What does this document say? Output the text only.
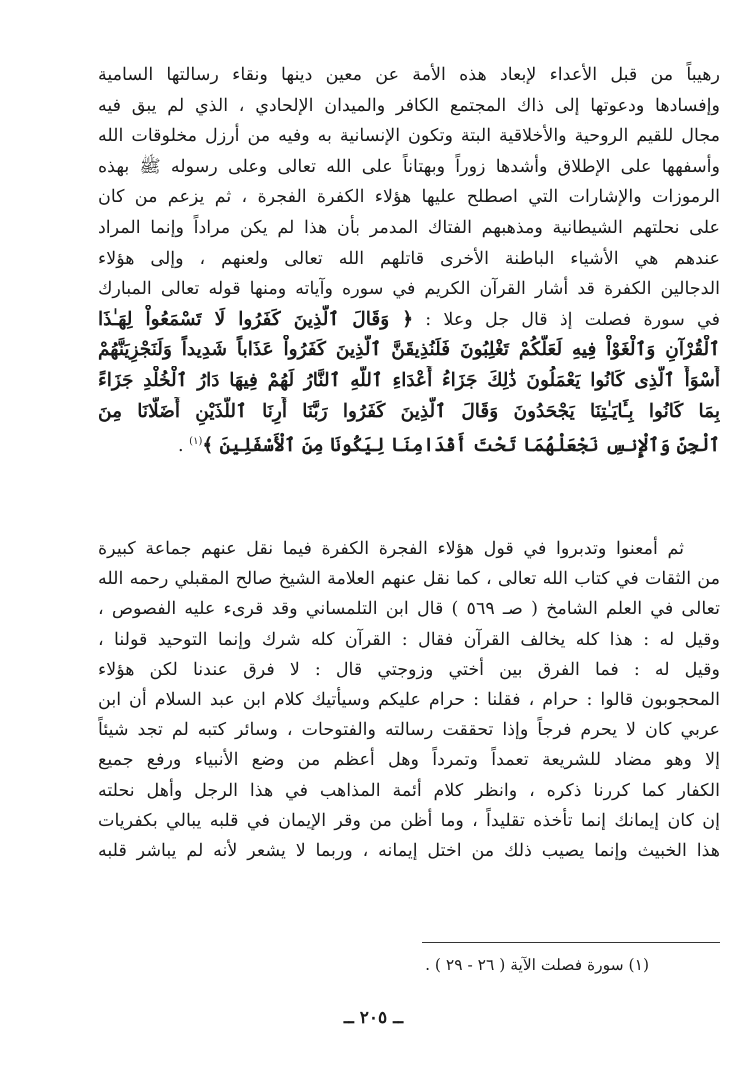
رهيباً من قبل الأعداء لإبعاد هذه الأمة عن معين دينها ونقاء رسالتها السامية
وإفسادها ودعوتها إلى ذاك المجتمع الكافر والميدان الإلحادي ، الذي لم يبق فيه
مجال للقيم الروحية والأخلاقية البتة وتكون الإنسانية به وفيه من أرزل مخلوقات الله
وأسفهها على الإطلاق وأشدها زوراً وبهتاناً على الله تعالى وعلى رسوله ﷺ بهذه
الرموزات والإشارات التي اصطلح عليها هؤلاء الكفرة الفجرة ، ثم يزعم من كان
على نحلتهم الشيطانية ومذهبهم الفتاك المدمر بأن هذا لم يكن مراداً وإنما المراد
عندهم هي الأشياء الباطنة الأخرى قاتلهم الله تعالى ولعنهم ، وإلى هؤلاء
الدجالين الكفرة قد أشار القرآن الكريم في سوره وآياته ومنها قوله تعالى المبارك
في سورة فصلت إذ قال جل وعلا : ﴿ وَقَالَ ٱلَّذِينَ كَفَرُوا لَا تَسْمَعُواْ لِهَـٰذَا
ٱلْقُرْآنِ وَٱلْغَوْاْ فِيهِ لَعَلَّكُمْ تَغْلِبُونَ فَلَنُذِيقَنَّ ٱلَّذِينَ كَفَرُواْ عَذَاباً شَدِيداً وَلَنَجْزِيَنَّهُمْ
أَسْوَأَ ٱلَّذِى كَانُوا يَعْمَلُونَ ذَٰلِكَ جَزَاءُ أَعْدَاءِ ٱللَّهِ ٱلنَّارُ لَهُمْ فِيهَا دَارُ ٱلْخُلْدِ جَزَاءً
بِمَا كَانُوا بِـَٔايَـٰتِنَا يَجْحَدُونَ وَقَالَ ٱلَّذِينَ كَفَرُوا رَبَّنَا أَرِنَا ٱللَّذَيْنِ أَضَلَّانَا مِنَ
ٱلْجِنِّ وَٱلْإِنسِ نَجْعَلْهُمَا تَحْتَ أَقْدَامِنَا لِيَكُونَا مِنَ ٱلْأَسْفَلِينَ ﴾$^{(١)}$ .
ثم أمعنوا وتدبروا في قول هؤلاء الفجرة الكفرة فيما نقل عنهم جماعة كبيرة
من الثقات في كتاب الله تعالى ، كما نقل عنهم العلامة الشيخ صالح المقبلي رحمه الله
تعالى في العلم الشامخ ( صـ ٥٦٩ ) قال ابن التلمساني وقد قرىء عليه الفصوص ،
وقيل له : هذا كله يخالف القرآن فقال : القرآن كله شرك وإنما التوحيد قولنا ،
وقيل له : فما الفرق بين أختي وزوجتي قال : لا فرق عندنا لكن هؤلاء
المحجوبون قالوا : حرام ، فقلنا : حرام عليكم وسيأتيك كلام ابن عبد السلام أن ابن
عربي كان لا يحرم فرجاً وإذا تحققت رسالته والفتوحات ، وسائر كتبه لم تجد شيئاً
إلا وهو مضاد للشريعة تعمداً وتمرداً وهل أعظم من وضع الأنبياء ورفع جميع
الكفار كما كررنا ذكره ، وانظر كلام أئمة المذاهب في هذا الرجل وأهل نحلته
إن كان إيمانك إنما تأخذه تقليداً ، وما أظن من وقر الإيمان في قلبه يبالي بكفريات
هذا الخبيث وإنما يصيب ذلك من اختل إيمانه ، وربما لا يشعر لأنه لم يباشر قلبه
(١) سورة فصلت الآية ( ٢٦ - ٢٩ ) .
ــ ٢٠٥ ــ
